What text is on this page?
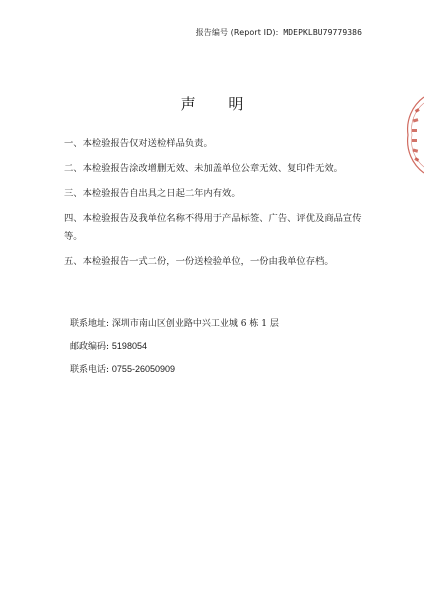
报告编号 (Report ID): MDEPKLBU79779386
声 明

一、本检验报告仅对送检样品负责。

二、本检验报告涂改增删无效、未加盖单位公章无效、复印件无效。

三、本检验报告自出具之日起二年内有效。

四、本检验报告及我单位名称不得用于产品标签、广告、评优及商品宣传等。

五、本检验报告一式二份，一份送检验单位，一份由我单位存档。

联系地址: 深圳市南山区创业路中兴工业城 6 栋 1 层

邮政编码: 5198054

联系电话: 0755-26050909
